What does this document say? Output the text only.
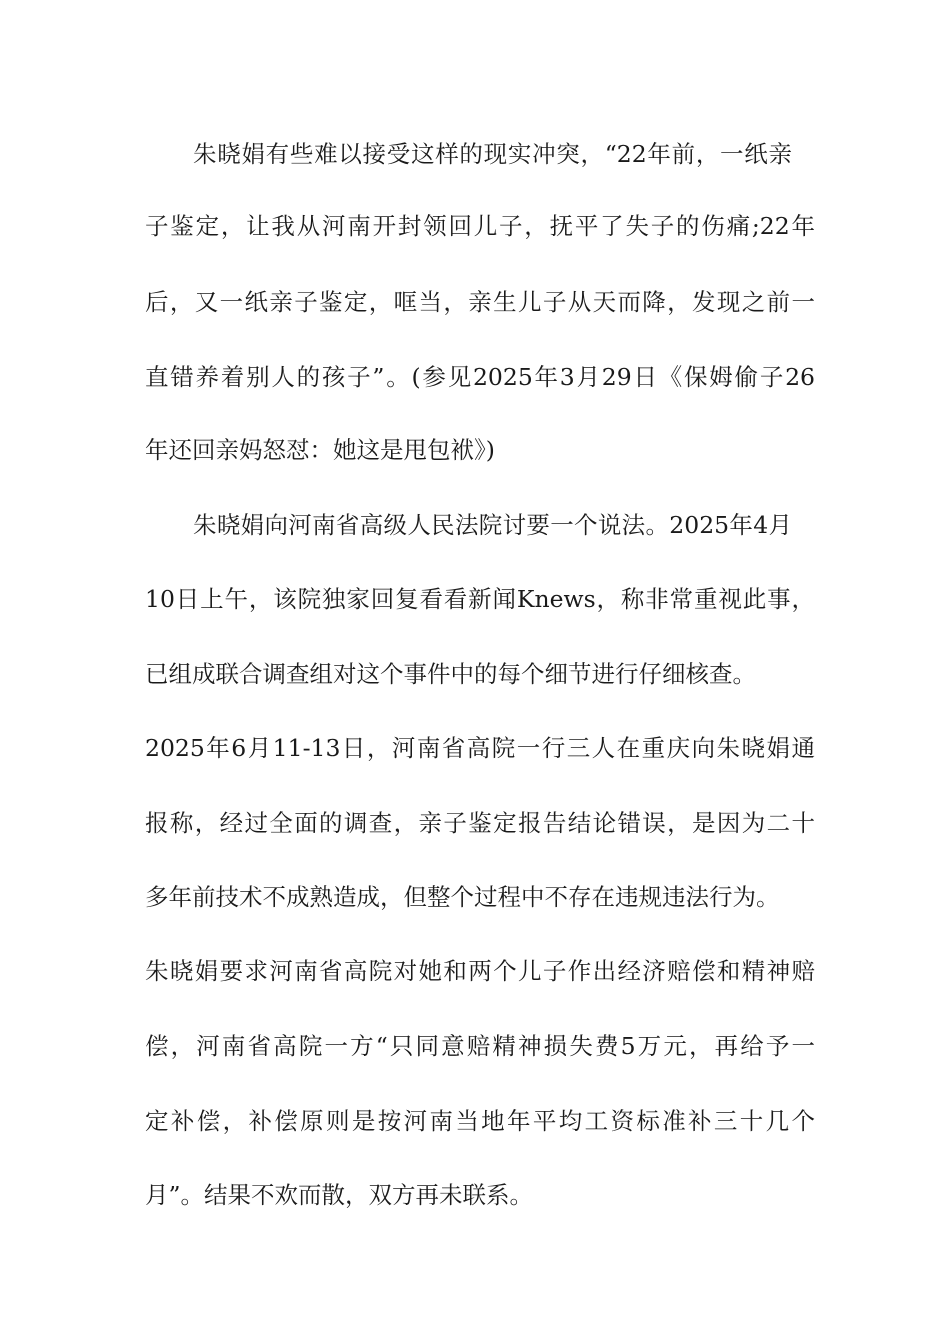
朱晓娟有些难以接受这样的现实冲突，“22年前，一纸亲
子鉴定，让我从河南开封领回儿子，抚平了失子的伤痛;22年
后，又一纸亲子鉴定，哐当，亲生儿子从天而降，发现之前一
直错养着别人的孩子”。(参见2025年3月29日《保姆偷子26
年还回亲妈怒怼：她这是甩包袱》)
朱晓娟向河南省高级人民法院讨要一个说法。2025年4月
10日上午，该院独家回复看看新闻Knews，称非常重视此事，
已组成联合调查组对这个事件中的每个细节进行仔细核查。
2025年6月11-13日，河南省高院一行三人在重庆向朱晓娟通
报称，经过全面的调查，亲子鉴定报告结论错误，是因为二十
多年前技术不成熟造成，但整个过程中不存在违规违法行为。
朱晓娟要求河南省高院对她和两个儿子作出经济赔偿和精神赔
偿，河南省高院一方“只同意赔精神损失费5万元，再给予一
定补偿，补偿原则是按河南当地年平均工资标准补三十几个
月”。结果不欢而散，双方再未联系。
